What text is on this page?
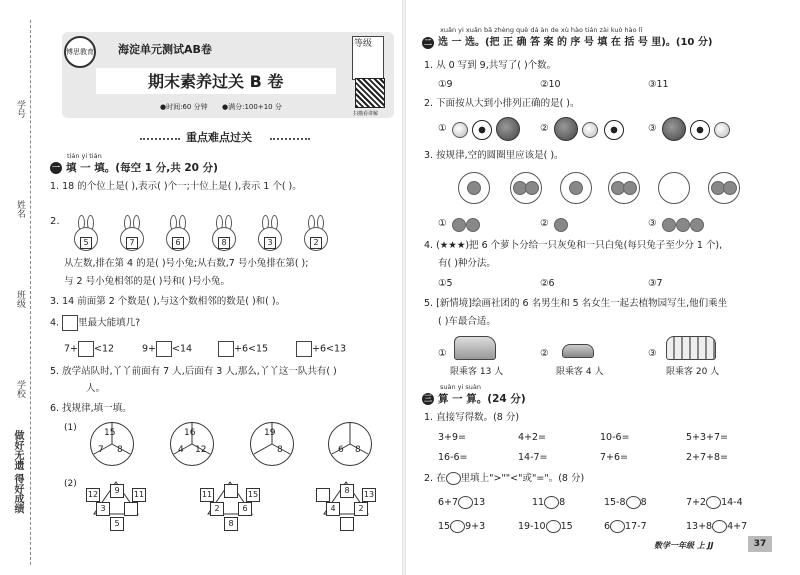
学号
姓名
班级
学校
做好无遗 得好成绩
博思教育 海淀单元测试AB卷	等级
期末素养过关 B 卷
●时间:60 分钟 ●满分:100+10 分
扫描看讲解
重点难点过关
tián yi tián
一 填 一 填。(每空 1 分,共 20 分)
1. 18 的个位上是( ),表示( )个一;十位上是( ),表示 1 个( )。
2.
5	7	6	8	3	2
从左数,排在第 4 的是( )号小兔;从右数,7 号小兔排在第( );
与 2 号小兔相邻的是( )号和( )号小兔。
3. 14 前面第 2 个数是( ),与这个数相邻的数是( )和( )。
4. 里最大能填几?
7+ <12	9+ <14	+6<15	+6<13
5. 放学站队时,丫丫前面有 7 人,后面有 3 人,那么,丫丫这一队共有( )
人。
6. 找规律,填一填。
(1)
(2)
15
7 8
16
4 12
19
8	6 8
9
12	11
3
5
11	15
2	6
8
8	13
4	2
xuǎn yi xuǎn bǎ zhèng què dá àn de xù hào tián zài kuò hào lǐ
二 选 一 选。(把 正 确 答 案 的 序 号 填 在 括 号 里)。(10 分)
1. 从 0 写到 9,共写了( )个数。
①9	②10	③11
2. 下面按从大到小排列正确的是( )。
①	②	③
3. 按规律,空的圆圈里应该是( )。
①	②	③
4. (★★★)把 6 个萝卜分给一只灰兔和一只白兔(每只兔子至少分 1 个),
有( )种分法。
①5	②6	③7
5. [新情境]绘画社团的 6 名男生和 5 名女生一起去植物园写生,他们乘坐
( )车最合适。
①
限乘客 13 人
②
限乘客 4 人
③
限乘客 20 人
suàn yi suàn
三 算 一 算。(24 分)
1. 直接写得数。(8 分)
3+9=	4+2=	10-6=	5+3+7=
16-6=	14-7=	7+6=	2+7+8=
2. 在 里填上">""<"或"="。(8 分)
6+7 13	11 8	15-8 8	7+2 14-4
15 9+3	19-10 15	6 17-7	13+8 4+7
数学一年级 上 JJ	37
